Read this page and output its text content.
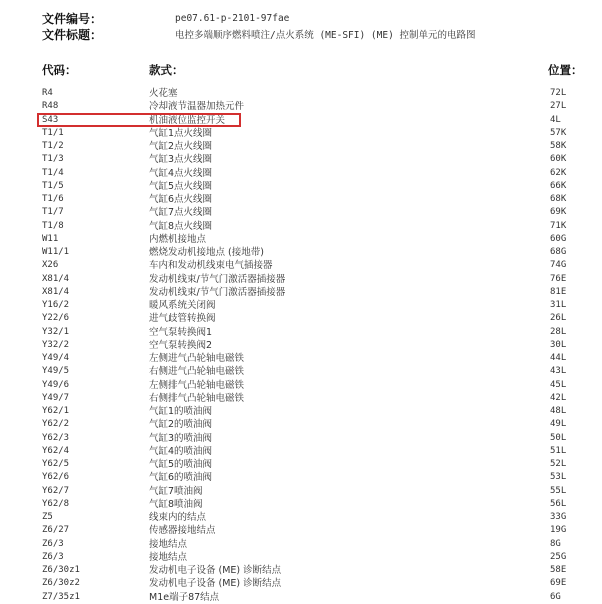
文件编号：	pe07.61-p-2101-97fae
文件标题：	电控多端顺序燃料喷注/点火系统 (ME-SFI) (ME) 控制单元的电路图
代码：	款式：	位置：
R4	火花塞	72L
R48	冷却液节温器加热元件	27L
S43	机油液位监控开关	4L
T1/1	气缸1点火线圈	57K
T1/2	气缸2点火线圈	58K
T1/3	气缸3点火线圈	60K
T1/4	气缸4点火线圈	62K
T1/5	气缸5点火线圈	66K
T1/6	气缸6点火线圈	68K
T1/7	气缸7点火线圈	69K
T1/8	气缸8点火线圈	71K
W11	内燃机接地点	60G
W11/1	燃烧发动机接地点 (接地带)	68G
X26	车内和发动机线束电气插接器	74G
X81/4	发动机线束/节气门激活器插接器	76E
X81/4	发动机线束/节气门激活器插接器	81E
Y16/2	暖风系统关闭阀	31L
Y22/6	进气歧管转换阀	26L
Y32/1	空气泵转换阀1	28L
Y32/2	空气泵转换阀2	30L
Y49/4	左侧进气凸轮轴电磁铁	44L
Y49/5	右侧进气凸轮轴电磁铁	43L
Y49/6	左侧排气凸轮轴电磁铁	45L
Y49/7	右侧排气凸轮轴电磁铁	42L
Y62/1	气缸1的喷油阀	48L
Y62/2	气缸2的喷油阀	49L
Y62/3	气缸3的喷油阀	50L
Y62/4	气缸4的喷油阀	51L
Y62/5	气缸5的喷油阀	52L
Y62/6	气缸6的喷油阀	53L
Y62/7	气缸7喷油阀	55L
Y62/8	气缸8喷油阀	56L
Z5	线束内的结点	33G
Z6/27	传感器接地结点	19G
Z6/3	接地结点	8G
Z6/3	接地结点	25G
Z6/30z1	发动机电子设备 (ME) 诊断结点	58E
Z6/30z2	发动机电子设备 (ME) 诊断结点	69E
Z7/35z1	M1e端子87结点	6G
